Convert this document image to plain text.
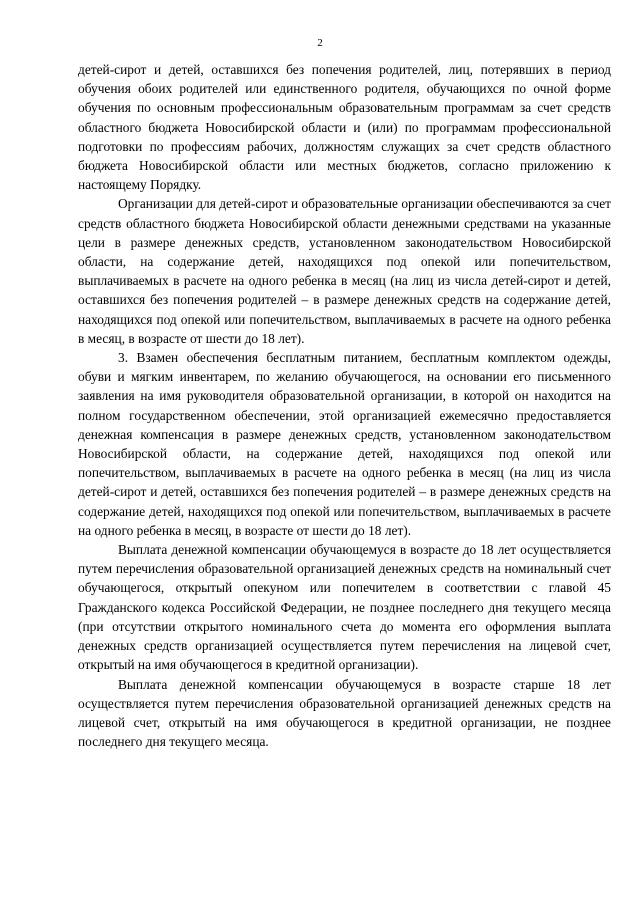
2

детей-сирот и детей, оставшихся без попечения родителей, лиц, потерявших в период обучения обоих родителей или единственного родителя, обучающихся по очной форме обучения по основным профессиональным образовательным программам за счет средств областного бюджета Новосибирской области и (или) по программам профессиональной подготовки по профессиям рабочих, должностям служащих за счет средств областного бюджета Новосибирской области или местных бюджетов, согласно приложению к настоящему Порядку.

Организации для детей-сирот и образовательные организации обеспечиваются за счет средств областного бюджета Новосибирской области денежными средствами на указанные цели в размере денежных средств, установленном законодательством Новосибирской области, на содержание детей, находящихся под опекой или попечительством, выплачиваемых в расчете на одного ребенка в месяц (на лиц из числа детей-сирот и детей, оставшихся без попечения родителей – в размере денежных средств на содержание детей, находящихся под опекой или попечительством, выплачиваемых в расчете на одного ребенка в месяц, в возрасте от шести до 18 лет).

3. Взамен обеспечения бесплатным питанием, бесплатным комплектом одежды, обуви и мягким инвентарем, по желанию обучающегося, на основании его письменного заявления на имя руководителя образовательной организации, в которой он находится на полном государственном обеспечении, этой организацией ежемесячно предоставляется денежная компенсация в размере денежных средств, установленном законодательством Новосибирской области, на содержание детей, находящихся под опекой или попечительством, выплачиваемых в расчете на одного ребенка в месяц (на лиц из числа детей-сирот и детей, оставшихся без попечения родителей – в размере денежных средств на содержание детей, находящихся под опекой или попечительством, выплачиваемых в расчете на одного ребенка в месяц, в возрасте от шести до 18 лет).

Выплата денежной компенсации обучающемуся в возрасте до 18 лет осуществляется путем перечисления образовательной организацией денежных средств на номинальный счет обучающегося, открытый опекуном или попечителем в соответствии с главой 45 Гражданского кодекса Российской Федерации, не позднее последнего дня текущего месяца (при отсутствии открытого номинального счета до момента его оформления выплата денежных средств организацией осуществляется путем перечисления на лицевой счет, открытый на имя обучающегося в кредитной организации).

Выплата денежной компенсации обучающемуся в возрасте старше 18 лет осуществляется путем перечисления образовательной организацией денежных средств на лицевой счет, открытый на имя обучающегося в кредитной организации, не позднее последнего дня текущего месяца.
